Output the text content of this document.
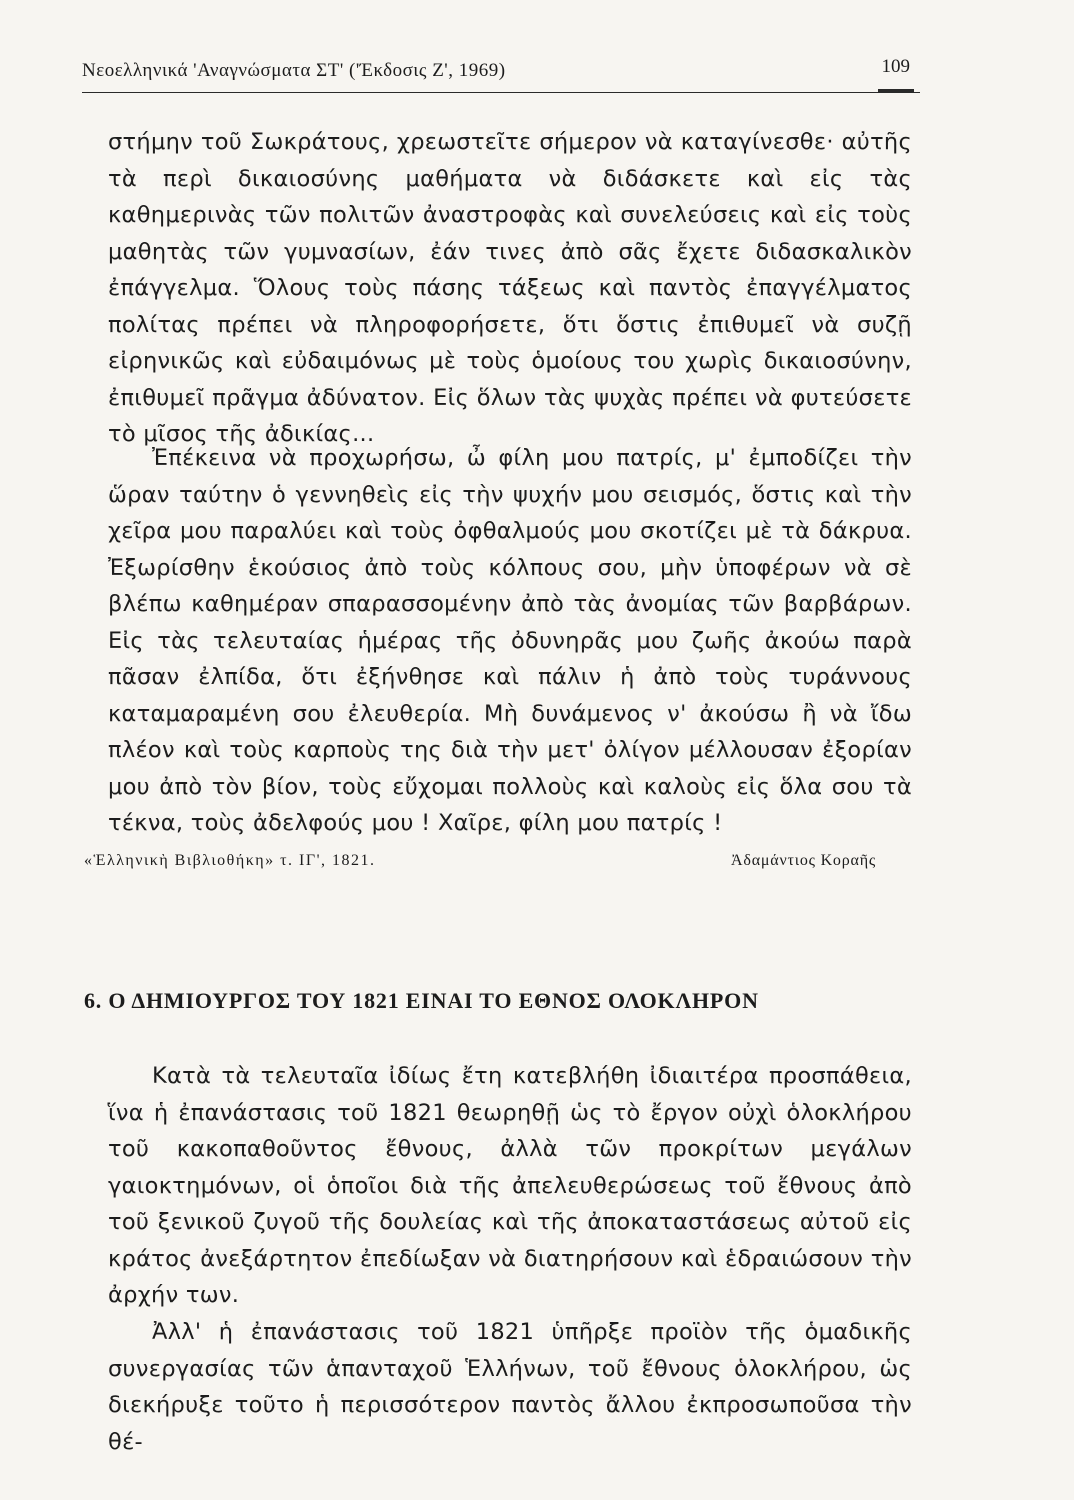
Νεοελληνικά 'Αναγνώσματα ΣΤ' ('Έκδοσις Ζ', 1969)	109

στήμην τοῦ Σωκράτους, χρεωστεῖτε σήμερον νὰ καταγίνεσθε· αὐτῆς τὰ περὶ δικαιοσύνης μαθήματα νὰ διδάσκετε καὶ εἰς τὰς καθημερινὰς τῶν πολιτῶν ἀναστροφὰς καὶ συνελεύσεις καὶ εἰς τοὺς μαθητὰς τῶν γυμνασίων, ἐάν τινες ἀπὸ σᾶς ἔχετε διδασκαλικὸν ἐπάγγελμα. Ὅλους τοὺς πάσης τάξεως καὶ παντὸς ἐπαγγέλματος πολίτας πρέπει νὰ πληροφορήσετε, ὅτι ὅστις ἐπιθυμεῖ νὰ συζῇ εἰρηνικῶς καὶ εὐδαιμόνως μὲ τοὺς ὁμοίους του χωρὶς δικαιοσύνην, ἐπιθυμεῖ πρᾶγμα ἀδύνατον. Εἰς ὅλων τὰς ψυχὰς πρέπει νὰ φυτεύσετε τὸ μῖσος τῆς ἀδικίας...

Ἐπέκεινα νὰ προχωρήσω, ὦ φίλη μου πατρίς, μ' ἐμποδίζει τὴν ὥραν ταύτην ὁ γεννηθεὶς εἰς τὴν ψυχήν μου σεισμός, ὅστις καὶ τὴν χεῖρα μου παραλύει καὶ τοὺς ὀφθαλμούς μου σκοτίζει μὲ τὰ δάκρυα. Ἐξωρίσθην ἑκούσιος ἀπὸ τοὺς κόλπους σου, μὴν ὑποφέρων νὰ σὲ βλέπω καθημέραν σπαρασσομένην ἀπὸ τὰς ἀνομίας τῶν βαρβάρων. Εἰς τὰς τελευταίας ἡμέρας τῆς ὀδυνηρᾶς μου ζωῆς ἀκούω παρὰ πᾶσαν ἐλπίδα, ὅτι ἐξήνθησε καὶ πάλιν ἡ ἀπὸ τοὺς τυράννους καταμαραμένη σου ἐλευθερία. Μὴ δυνάμενος ν' ἀκούσω ἢ νὰ ἴδω πλέον καὶ τοὺς καρποὺς της διὰ τὴν μετ' ὀλίγον μέλλουσαν ἐξορίαν μου ἀπὸ τὸν βίον, τοὺς εὔχομαι πολλοὺς καὶ καλοὺς εἰς ὅλα σου τὰ τέκνα, τοὺς ἀδελφούς μου ! Χαῖρε, φίλη μου πατρίς !

«Ἑλληνικὴ Βιβλιοθήκη» τ. ΙΓ', 1821.	Ἀδαμάντιος Κοραῆς
6. Ο ΔΗΜΙΟΥΡΓΟΣ ΤΟΥ 1821 ΕΙΝΑΙ ΤΟ ΕΘΝΟΣ ΟΛΟΚΛΗΡΟΝ

Κατὰ τὰ τελευταῖα ἰδίως ἔτη κατεβλήθη ἰδιαιτέρα προσπάθεια, ἵνα ἡ ἐπανάστασις τοῦ 1821 θεωρηθῇ ὡς τὸ ἔργον οὐχὶ ὁλοκλήρου τοῦ κακοπαθοῦντος ἔθνους, ἀλλὰ τῶν προκρίτων μεγάλων γαιοκτημόνων, οἱ ὁποῖοι διὰ τῆς ἀπελευθερώσεως τοῦ ἔθνους ἀπὸ τοῦ ξενικοῦ ζυγοῦ τῆς δουλείας καὶ τῆς ἀποκαταστάσεως αὐτοῦ εἰς κράτος ἀνεξάρτητον ἐπεδίωξαν νὰ διατηρήσουν καὶ ἑδραιώσουν τὴν ἀρχήν των.

Ἀλλ' ἡ ἐπανάστασις τοῦ 1821 ὑπῆρξε προϊὸν τῆς ὁμαδικῆς συνεργασίας τῶν ἁπανταχοῦ Ἑλλήνων, τοῦ ἔθνους ὁλοκλήρου, ὡς διεκήρυξε τοῦτο ἡ περισσότερον παντὸς ἄλλου ἐκπροσωποῦσα τὴν θέ-
